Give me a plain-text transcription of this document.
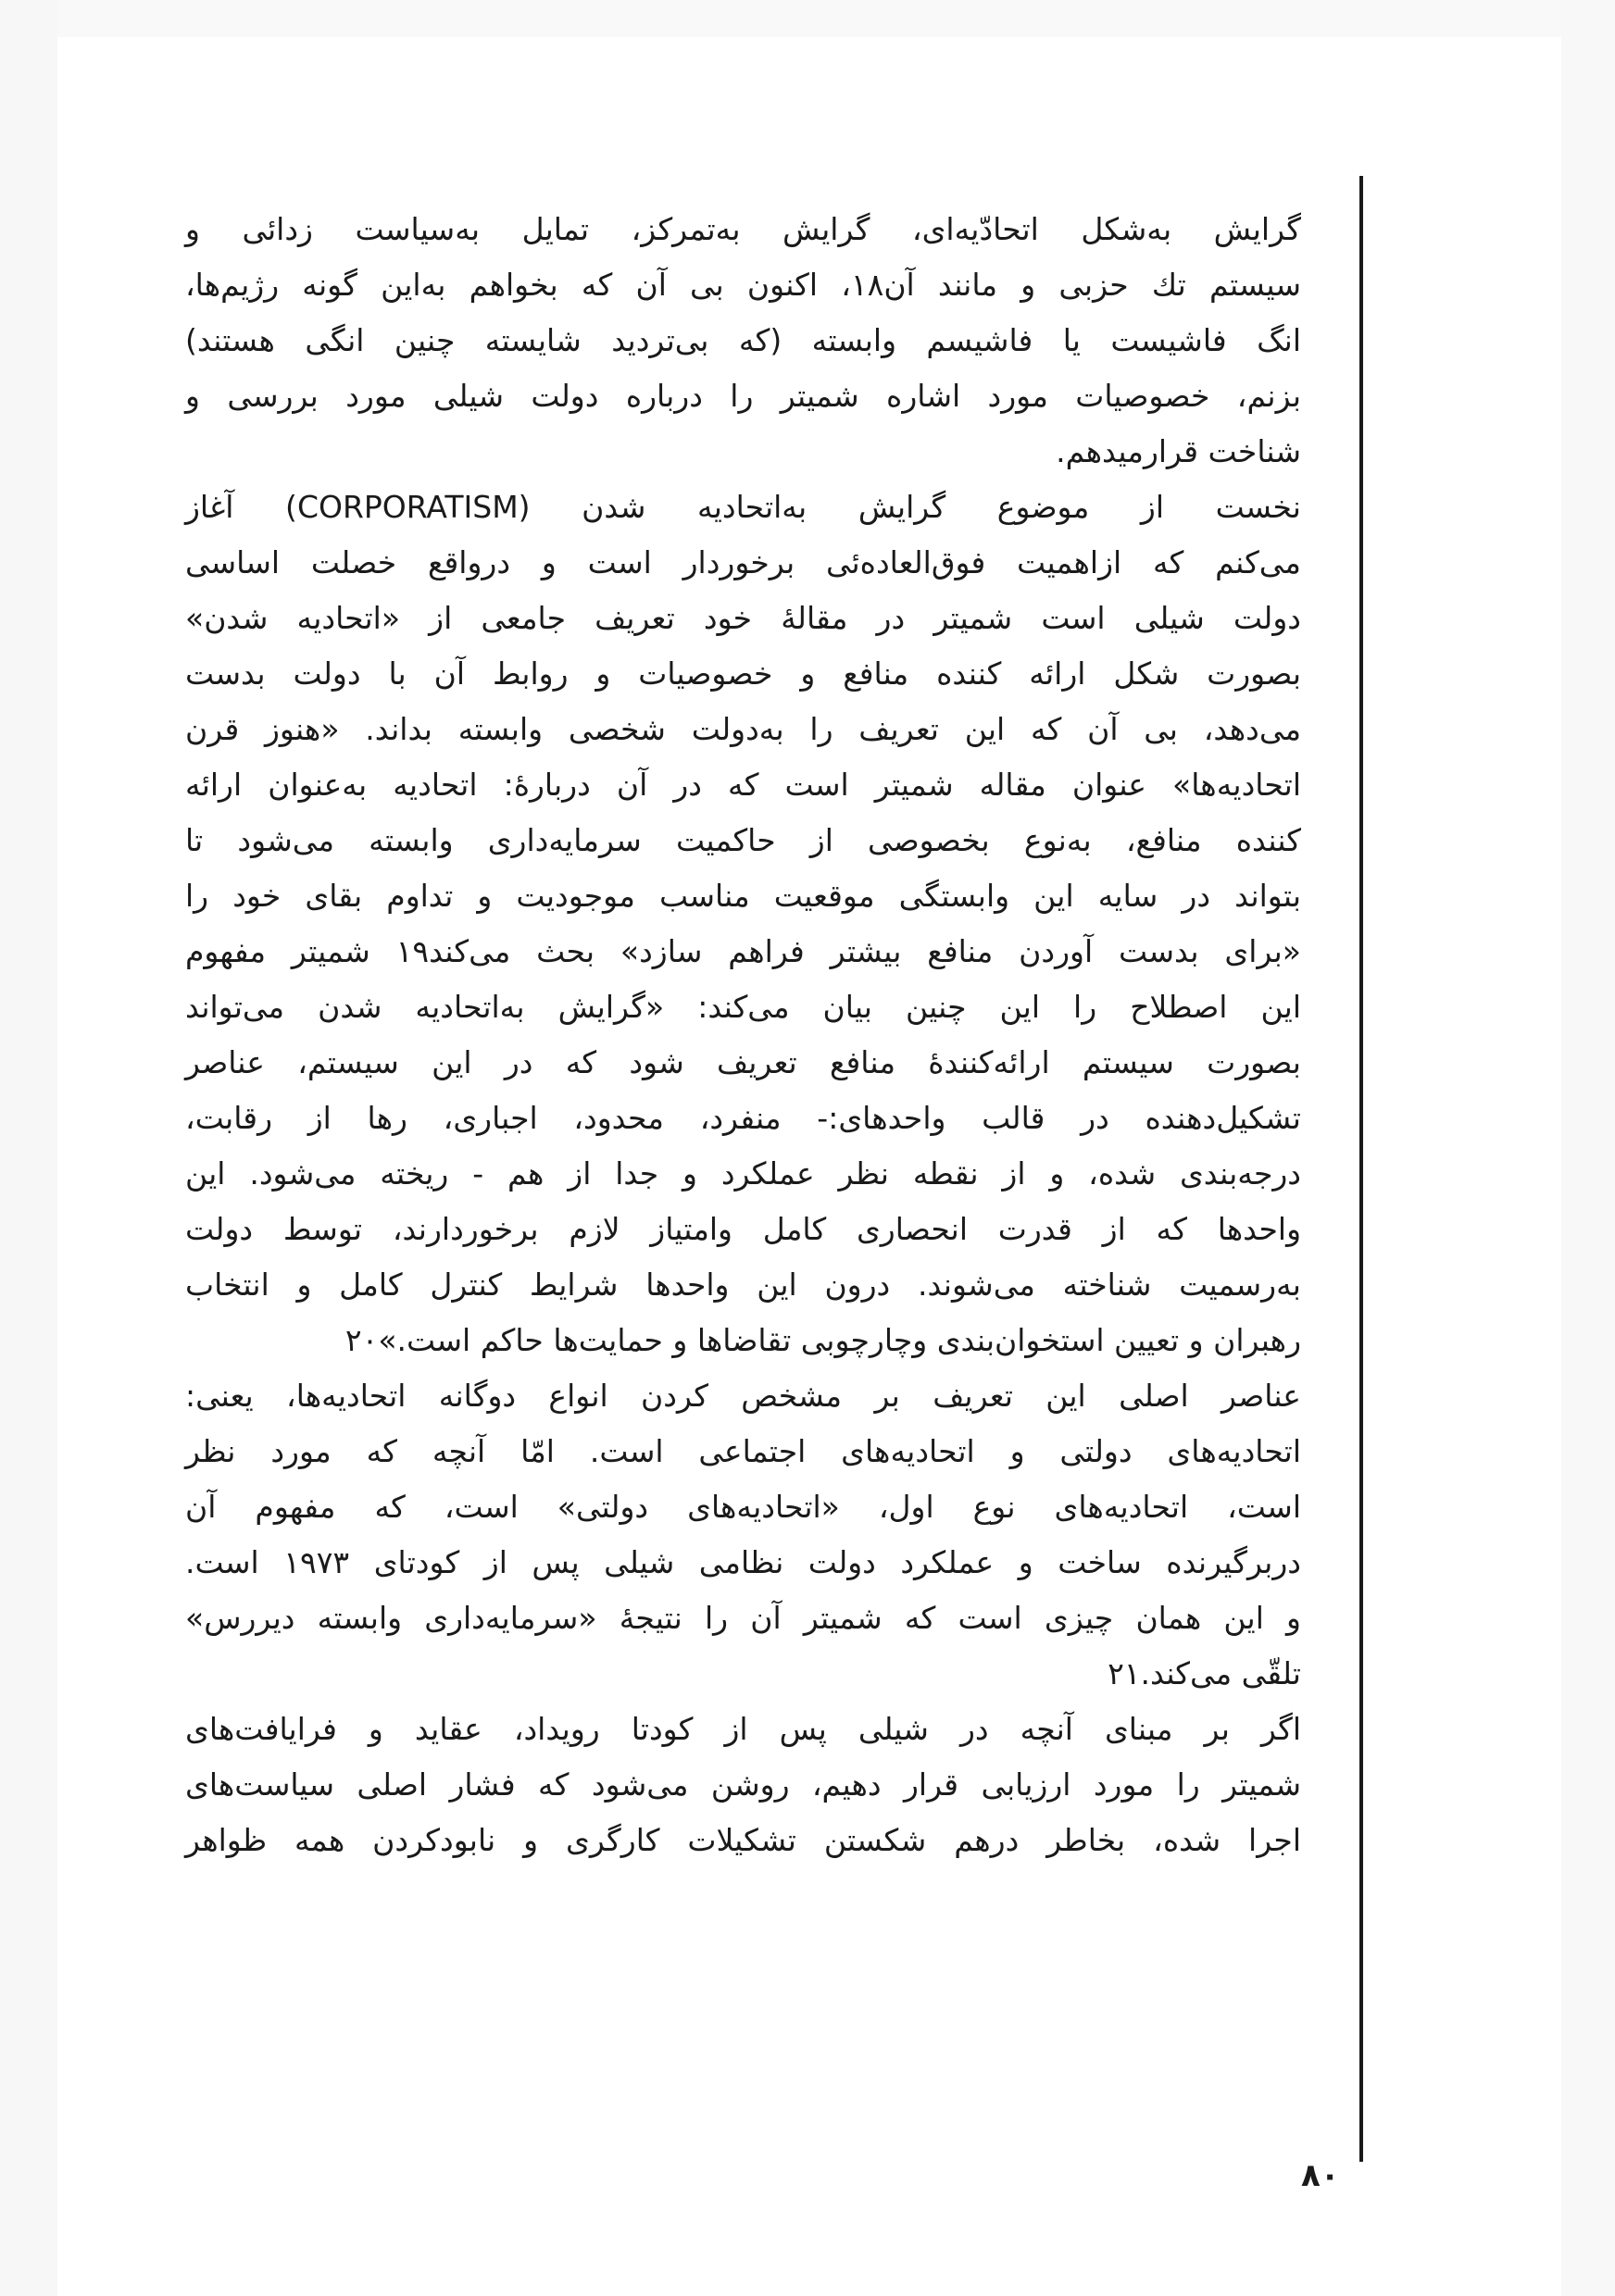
گرایش به‌شکل اتحادّیه‌ای، گرایش به‌تمرکز، تمایل به‌سیاست زدائی و
سیستم تك حزبی و مانند آن۱۸، اکنون بی آن که بخواهم به‌این گونه رژیم‌ها،
انگ فاشیست یا فاشیسم وابسته (که بی‌تردید شایسته چنین انگی هستند)
بزنم، خصوصیات مورد اشاره شمیتر را درباره دولت شیلی مورد بررسی و
شناخت قرارمیدهم.
نخست از موضوع گرایش به‌اتحادیه شدن (CORPORATISM) آغاز
می‌کنم که ازاهمیت فوق‌العاده‌ئی برخوردار است و درواقع خصلت اساسی
دولت شیلی است شمیتر در مقالهٔ خود تعریف جامعی از «اتحادیه شدن»
بصورت شکل ارائه کننده منافع و خصوصیات و روابط آن با دولت بدست
می‌دهد، بی آن که این تعریف را به‌دولت شخصی وابسته بداند. «هنوز قرن
اتحادیه‌ها» عنوان مقاله شمیتر است که در آن دربارهٔ: اتحادیه به‌عنوان ارائه
کننده منافع، به‌نوع بخصوصی از حاکمیت سرمایه‌داری وابسته می‌شود تا
بتواند در سایه این وابستگی موقعیت مناسب موجودیت و تداوم بقای خود را
«برای بدست آوردن منافع بیشتر فراهم سازد» بحث می‌کند۱۹ شمیتر مفهوم
این اصطلاح را این چنین بیان می‌کند: «گرایش به‌اتحادیه شدن می‌تواند
بصورت سیستم ارائه‌کنندهٔ منافع تعریف شود که در این سیستم، عناصر
تشکیل‌دهنده در قالب واحدهای:- منفرد، محدود، اجباری، رها از رقابت،
درجه‌بندی شده، و از نقطه نظر عملکرد و جدا از هم - ریخته می‌شود. این
واحدها که از قدرت انحصاری کامل وامتیاز لازم برخوردارند، توسط دولت
به‌رسمیت شناخته می‌شوند. درون این واحدها شرایط کنترل کامل و انتخاب
رهبران و تعیین استخوان‌بندی وچارچوبی تقاضاها و حمایت‌ها حاکم است.»۲۰
عناصر اصلی این تعریف بر مشخص کردن انواع دوگانه اتحادیه‌ها، یعنی:
اتحادیه‌های دولتی و اتحادیه‌های اجتماعی است. امّا آنچه که مورد نظر
است، اتحادیه‌های نوع اول، «اتحادیه‌های دولتی» است، که مفهوم آن
دربرگیرنده ساخت و عملکرد دولت نظامی شیلی پس از کودتای ۱۹۷۳ است.
و این همان چیزی است که شمیتر آن را نتیجهٔ «سرمایه‌داری وابسته دیررس»
تلقّی می‌کند.۲۱
اگر بر مبنای آنچه در شیلی پس از کودتا رویداد، عقاید و فرایافت‌های
شمیتر را مورد ارزیابی قرار دهیم، روشن می‌شود که فشار اصلی سیاست‌های
اجرا شده، بخاطر درهم شکستن تشکیلات کارگری و نابودکردن همه ظواهر
۸۰
